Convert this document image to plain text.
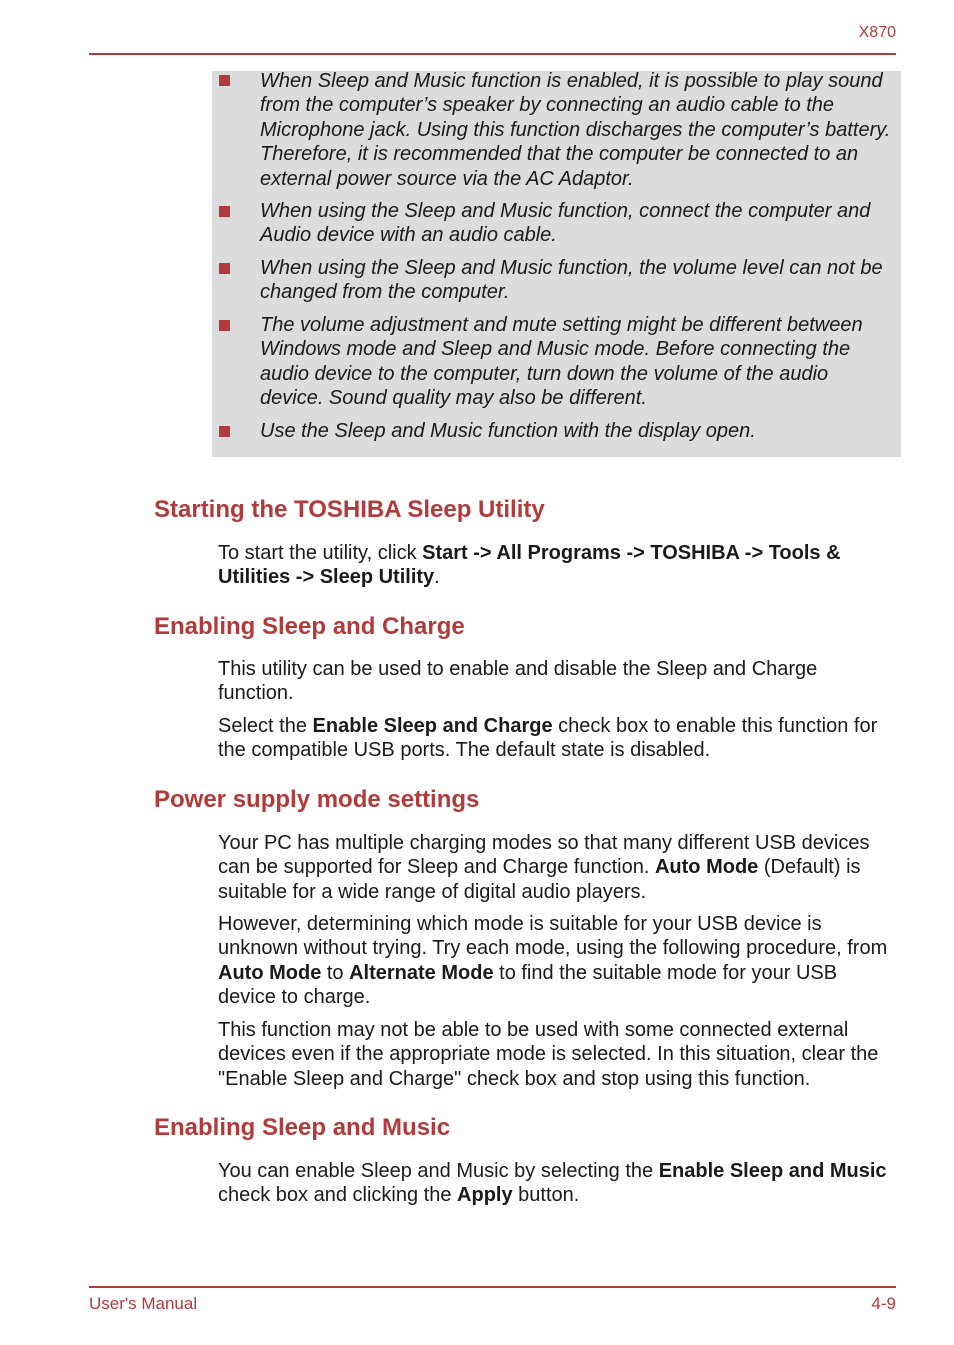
X870
When Sleep and Music function is enabled, it is possible to play sound from the computer’s speaker by connecting an audio cable to the Microphone jack. Using this function discharges the computer’s battery. Therefore, it is recommended that the computer be connected to an external power source via the AC Adaptor.
When using the Sleep and Music function, connect the computer and Audio device with an audio cable.
When using the Sleep and Music function, the volume level can not be changed from the computer.
The volume adjustment and mute setting might be different between Windows mode and Sleep and Music mode. Before connecting the audio device to the computer, turn down the volume of the audio device. Sound quality may also be different.
Use the Sleep and Music function with the display open.
Starting the TOSHIBA Sleep Utility

To start the utility, click Start -> All Programs -> TOSHIBA -> Tools & Utilities -> Sleep Utility.

Enabling Sleep and Charge

This utility can be used to enable and disable the Sleep and Charge function.

Select the Enable Sleep and Charge check box to enable this function for the compatible USB ports. The default state is disabled.

Power supply mode settings

Your PC has multiple charging modes so that many different USB devices can be supported for Sleep and Charge function. Auto Mode (Default) is suitable for a wide range of digital audio players.

However, determining which mode is suitable for your USB device is unknown without trying. Try each mode, using the following procedure, from Auto Mode to Alternate Mode to find the suitable mode for your USB device to charge.

This function may not be able to be used with some connected external devices even if the appropriate mode is selected. In this situation, clear the "Enable Sleep and Charge" check box and stop using this function.

Enabling Sleep and Music

You can enable Sleep and Music by selecting the Enable Sleep and Music check box and clicking the Apply button.

User's Manual	4-9
